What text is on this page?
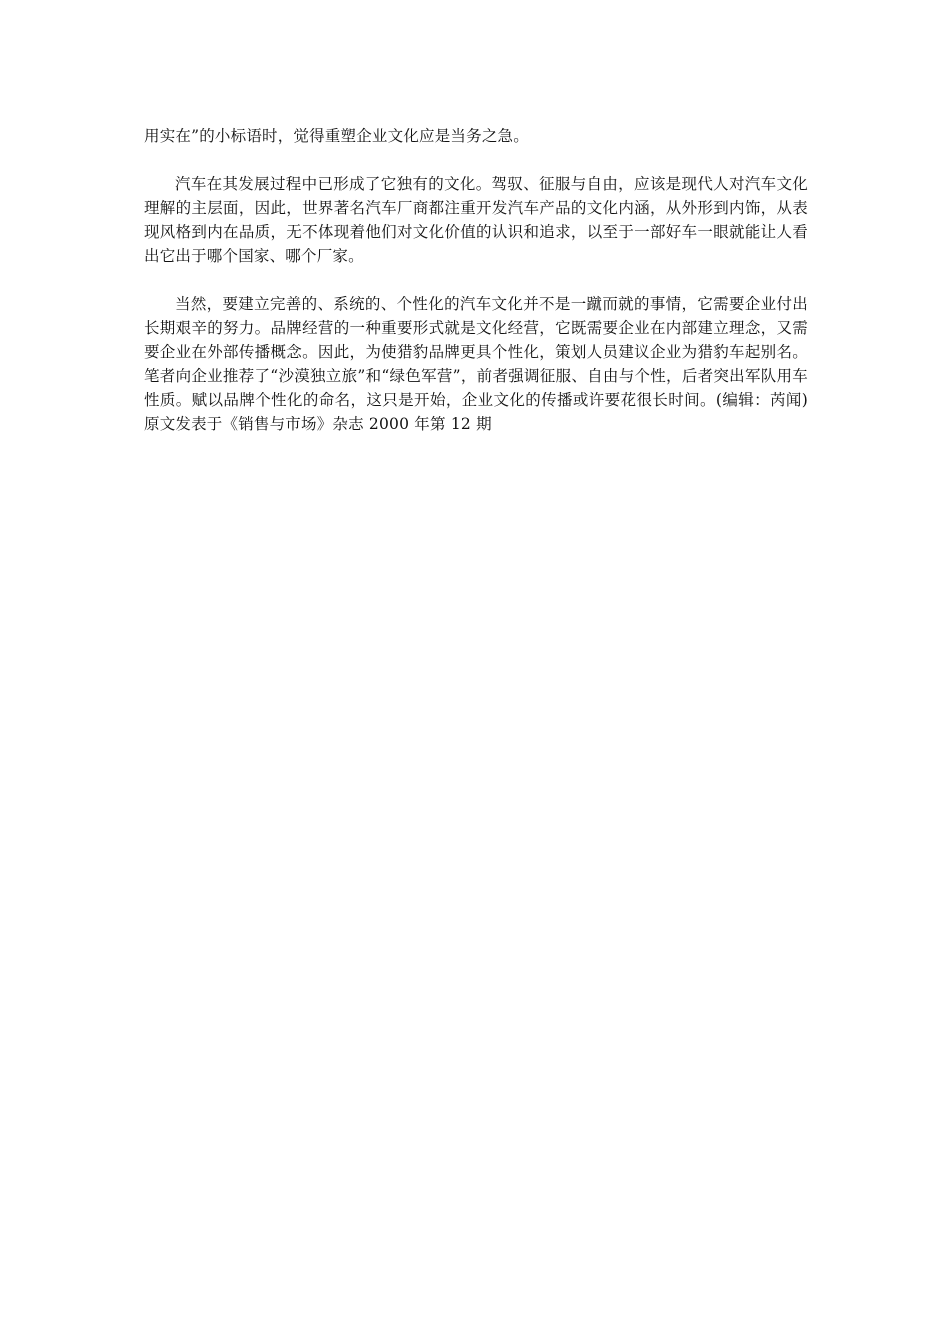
用实在”的小标语时，觉得重塑企业文化应是当务之急。

汽车在其发展过程中已形成了它独有的文化。驾驭、征服与自由，应该是现代人对汽车文化理解的主层面，因此，世界著名汽车厂商都注重开发汽车产品的文化内涵，从外形到内饰，从表现风格到内在品质，无不体现着他们对文化价值的认识和追求，以至于一部好车一眼就能让人看出它出于哪个国家、哪个厂家。

当然，要建立完善的、系统的、个性化的汽车文化并不是一蹴而就的事情，它需要企业付出长期艰辛的努力。品牌经营的一种重要形式就是文化经营，它既需要企业在内部建立理念，又需要企业在外部传播概念。因此，为使猎豹品牌更具个性化，策划人员建议企业为猎豹车起别名。笔者向企业推荐了“沙漠独立旅”和“绿色军营”，前者强调征服、自由与个性，后者突出军队用车性质。赋以品牌个性化的命名，这只是开始，企业文化的传播或许要花很长时间。(编辑：芮闻)原文发表于《销售与市场》杂志 2000 年第 12 期
